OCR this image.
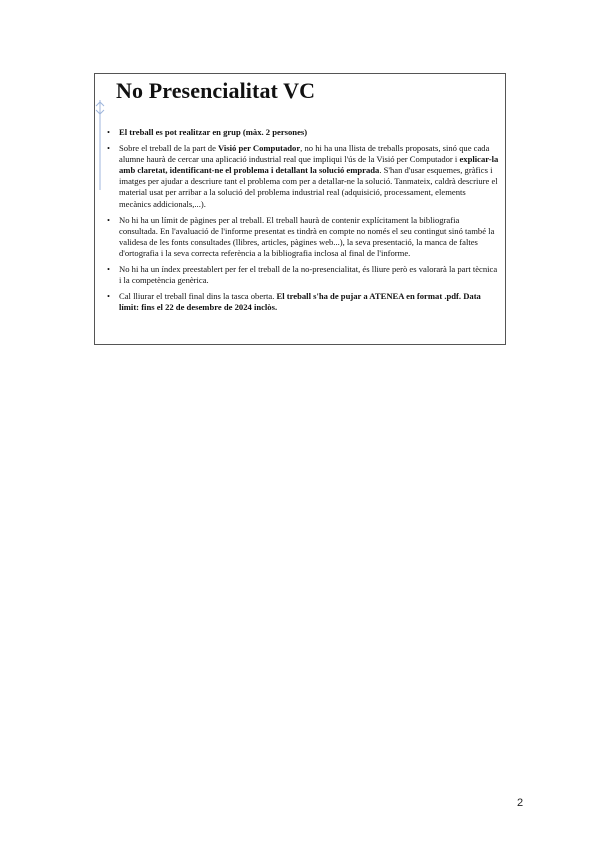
No Presencialitat VC
• El treball es pot realitzar en grup (màx. 2 persones)
• Sobre el treball de la part de Visió per Computador, no hi ha una llista de treballs proposats, sinó que cada alumne haurà de cercar una aplicació industrial real que impliqui l'ús de la Visió per Computador i explicar-la amb claretat, identificant-ne el problema i detallant la solució emprada. S'han d'usar esquemes, gràfics i imatges per ajudar a descriure tant el problema com per a detallar-ne la solució. Tanmateix, caldrà descriure el material usat per arribar a la solució del problema industrial real (adquisició, processament, elements mecànics addicionals,...).
• No hi ha un límit de pàgines per al treball. El treball haurà de contenir explícitament la bibliografia consultada. En l'avaluació de l'informe presentat es tindrà en compte no només el seu contingut sinó també la validesa de les fonts consultades (llibres, articles, pàgines web...), la seva presentació, la manca de faltes d'ortografia i la seva correcta referència a la bibliografia inclosa al final de l'informe.
• No hi ha un índex preestablert per fer el treball de la no-presencialitat, és lliure però es valorarà la part tècnica i la competència genèrica.
• Cal lliurar el treball final dins la tasca oberta. El treball s'ha de pujar a ATENEA en format .pdf. Data límit: fins el 22 de desembre de 2024 inclòs.
2
